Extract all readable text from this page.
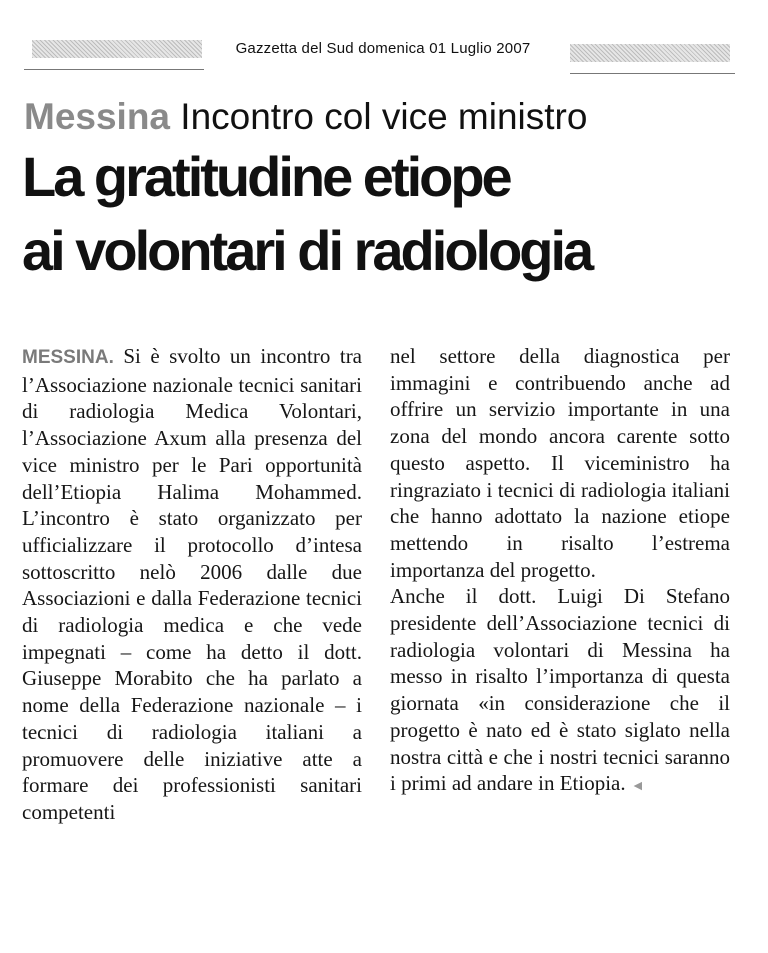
Gazzetta del Sud domenica 01 Luglio 2007
Messina Incontro col vice ministro
La gratitudine etiope
ai volontari di radiologia

MESSINA. Si è svolto un incontro tra l’Associazione nazionale tecnici sanitari di radiologia Medica Volontari, l’Associazione Axum alla presenza del vice ministro per le Pari opportunità dell’Etiopia Halima Mohammed. L’incontro è stato organizzato per ufficializzare il protocollo d’intesa sottoscritto nelò 2006 dalle due Associazioni e dalla Federazione tecnici di radiologia medica e che vede impegnati – come ha detto il dott. Giuseppe Morabito che ha parlato a nome della Federazione nazionale – i tecnici di radiologia italiani a promuovere delle iniziative atte a formare dei professionisti sanitari competenti

nel settore della diagnostica per immagini e contribuendo anche ad offrire un servizio importante in una zona del mondo ancora carente sotto questo aspetto. Il viceministro ha ringraziato i tecnici di radiologia italiani che hanno adottato la nazione etiope mettendo in risalto l’estrema importanza del progetto.

Anche il dott. Luigi Di Stefano presidente dell’Associazione tecnici di radiologia volontari di Messina ha messo in risalto l’importanza di questa giornata «in considerazione che il progetto è nato ed è stato siglato nella nostra città e che i nostri tecnici saranno i primi ad andare in Etiopia. ◄
